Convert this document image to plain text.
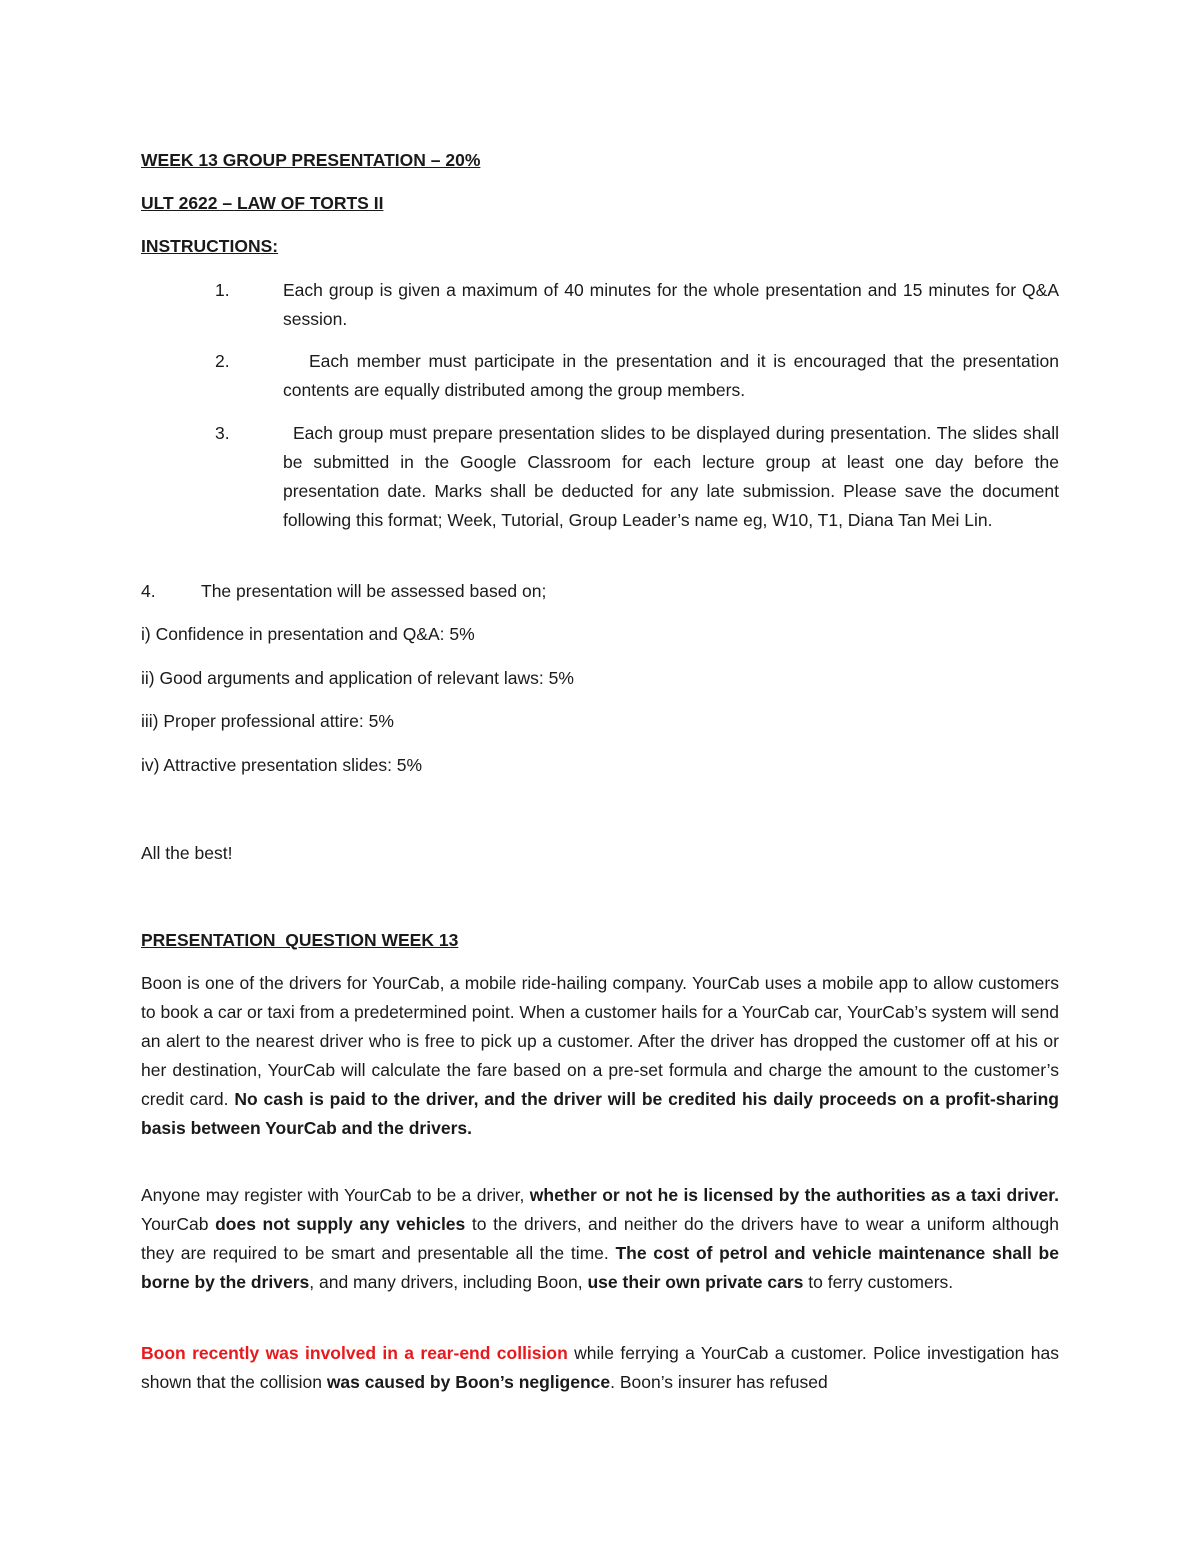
WEEK 13 GROUP PRESENTATION – 20%
ULT 2622 – LAW OF TORTS II
INSTRUCTIONS:
1.	Each group is given a maximum of 40 minutes for the whole presentation and 15 minutes for Q&A session.
2.	Each member must participate in the presentation and it is encouraged that the presentation contents are equally distributed among the group members.
3.	Each group must prepare presentation slides to be displayed during presentation. The slides shall be submitted in the Google Classroom for each lecture group at least one day before the presentation date. Marks shall be deducted for any late submission. Please save the document following this format; Week, Tutorial, Group Leader’s name eg, W10, T1, Diana Tan Mei Lin.
4.	The presentation will be assessed based on;
i) Confidence in presentation and Q&A: 5%
ii) Good arguments and application of relevant laws: 5%
iii) Proper professional attire: 5%
iv) Attractive presentation slides: 5%
All the best!
PRESENTATION  QUESTION WEEK 13
Boon is one of the drivers for YourCab, a mobile ride-hailing company. YourCab uses a mobile app to allow customers to book a car or taxi from a predetermined point. When a customer hails for a YourCab car, YourCab’s system will send an alert to the nearest driver who is free to pick up a customer. After the driver has dropped the customer off at his or her destination, YourCab will calculate the fare based on a pre-set formula and charge the amount to the customer’s credit card. No cash is paid to the driver, and the driver will be credited his daily proceeds on a profit-sharing basis between YourCab and the drivers.
Anyone may register with YourCab to be a driver, whether or not he is licensed by the authorities as a taxi driver. YourCab does not supply any vehicles to the drivers, and neither do the drivers have to wear a uniform although they are required to be smart and presentable all the time. The cost of petrol and vehicle maintenance shall be borne by the drivers, and many drivers, including Boon, use their own private cars to ferry customers.
Boon recently was involved in a rear-end collision while ferrying a YourCab a customer. Police investigation has shown that the collision was caused by Boon’s negligence. Boon’s insurer has refused
